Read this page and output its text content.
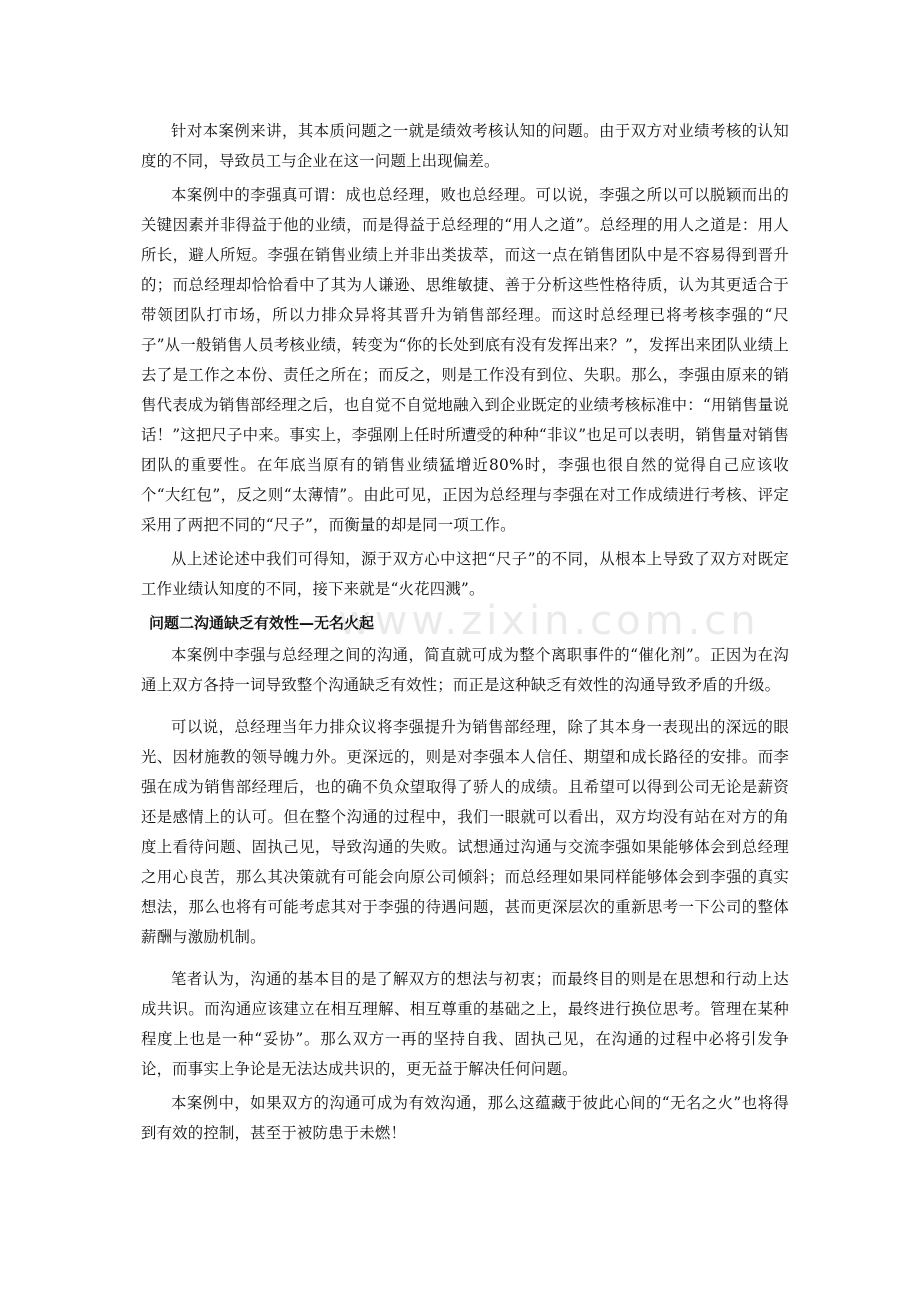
www.zixin.com.cn

针对本案例来讲，其本质问题之一就是绩效考核认知的问题。由于双方对业绩考核的认知度的不同，导致员工与企业在这一问题上出现偏差。

本案例中的李强真可谓：成也总经理，败也总经理。可以说，李强之所以可以脱颖而出的关键因素并非得益于他的业绩，而是得益于总经理的“用人之道”。总经理的用人之道是：用人所长，避人所短。李强在销售业绩上并非出类拔萃，而这一点在销售团队中是不容易得到晋升的；而总经理却恰恰看中了其为人谦逊、思维敏捷、善于分析这些性格待质，认为其更适合于带领团队打市场，所以力排众异将其晋升为销售部经理。而这时总经理已将考核李强的“尺子”从一般销售人员考核业绩，转变为“你的长处到底有没有发挥出来？”，发挥出来团队业绩上去了是工作之本份、责任之所在；而反之，则是工作没有到位、失职。那么，李强由原来的销售代表成为销售部经理之后，也自觉不自觉地融入到企业既定的业绩考核标准中：“用销售量说话！”这把尺子中来。事实上，李强刚上任时所遭受的种种“非议”也足可以表明，销售量对销售团队的重要性。在年底当原有的销售业绩猛增近80%时，李强也很自然的觉得自己应该收个“大红包”，反之则“太薄情”。由此可见，正因为总经理与李强在对工作成绩进行考核、评定采用了两把不同的“尺子”，而衡量的却是同一项工作。

从上述论述中我们可得知，源于双方心中这把“尺子”的不同，从根本上导致了双方对既定工作业绩认知度的不同，接下来就是“火花四溅”。

问题二沟通缺乏有效性—无名火起

本案例中李强与总经理之间的沟通，简直就可成为整个离职事件的“催化剂”。正因为在沟通上双方各持一词导致整个沟通缺乏有效性；而正是这种缺乏有效性的沟通导致矛盾的升级。

可以说，总经理当年力排众议将李强提升为销售部经理，除了其本身一表现出的深远的眼光、因材施教的领导魄力外。更深远的，则是对李强本人信任、期望和成长路径的安排。而李强在成为销售部经理后，也的确不负众望取得了骄人的成绩。且希望可以得到公司无论是薪资还是感情上的认可。但在整个沟通的过程中，我们一眼就可以看出，双方均没有站在对方的角度上看待问题、固执己见，导致沟通的失败。试想通过沟通与交流李强如果能够体会到总经理之用心良苦，那么其决策就有可能会向原公司倾斜；而总经理如果同样能够体会到李强的真实想法，那么也将有可能考虑其对于李强的待遇问题，甚而更深层次的重新思考一下公司的整体薪酬与激励机制。

笔者认为，沟通的基本目的是了解双方的想法与初衷；而最终目的则是在思想和行动上达成共识。而沟通应该建立在相互理解、相互尊重的基础之上，最终进行换位思考。管理在某种程度上也是一种“妥协”。那么双方一再的坚持自我、固执己见，在沟通的过程中必将引发争论，而事实上争论是无法达成共识的，更无益于解决任何问题。

本案例中，如果双方的沟通可成为有效沟通，那么这蕴藏于彼此心间的“无名之火”也将得到有效的控制，甚至于被防患于未燃！
